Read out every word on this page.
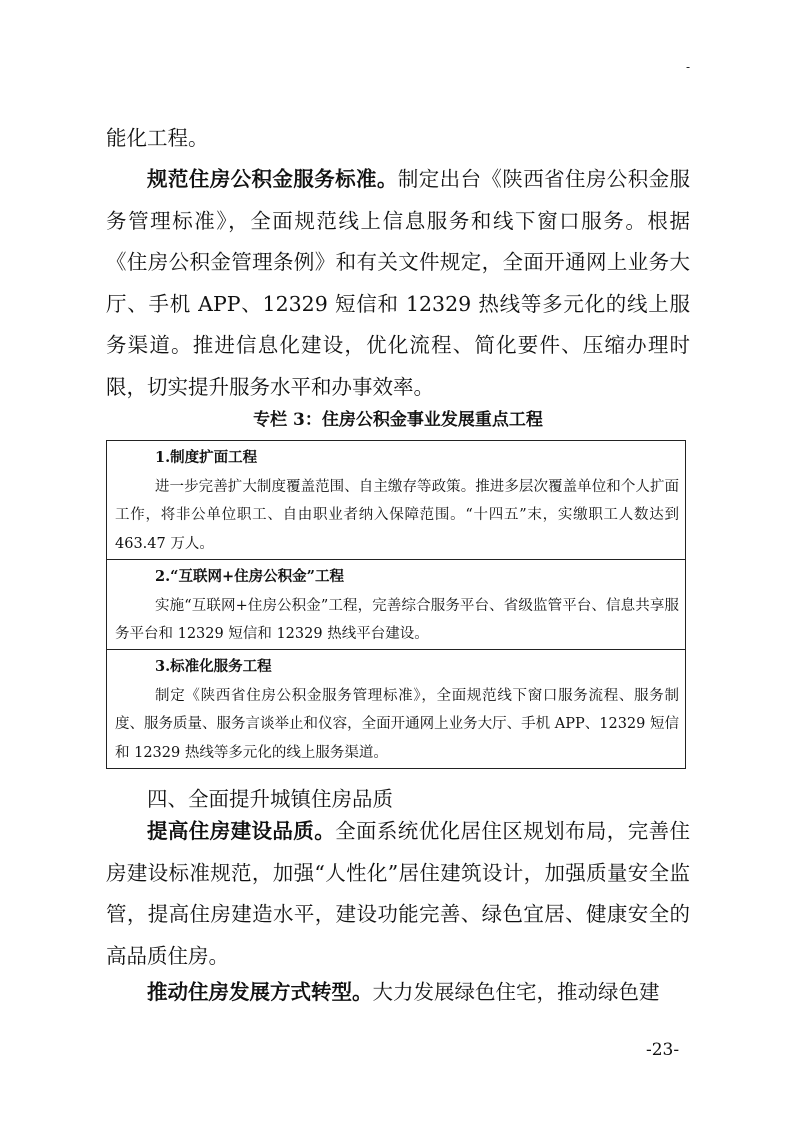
-
能化工程。
规范住房公积金服务标准。制定出台《陕西省住房公积金服务管理标准》，全面规范线上信息服务和线下窗口服务。根据《住房公积金管理条例》和有关文件规定，全面开通网上业务大厅、手机 APP、12329 短信和 12329 热线等多元化的线上服务渠道。推进信息化建设，优化流程、简化要件、压缩办理时限，切实提升服务水平和办事效率。
专栏 3：住房公积金事业发展重点工程
1.制度扩面工程
进一步完善扩大制度覆盖范围、自主缴存等政策。推进多层次覆盖单位和个人扩面工作，将非公单位职工、自由职业者纳入保障范围。“十四五”末，实缴职工人数达到 463.47 万人。
2.“互联网+住房公积金”工程
实施“互联网+住房公积金”工程，完善综合服务平台、省级监管平台、信息共享服务平台和 12329 短信和 12329 热线平台建设。
3.标准化服务工程
制定《陕西省住房公积金服务管理标准》，全面规范线下窗口服务流程、服务制度、服务质量、服务言谈举止和仪容，全面开通网上业务大厅、手机 APP、12329 短信和 12329 热线等多元化的线上服务渠道。
四、全面提升城镇住房品质
提高住房建设品质。全面系统优化居住区规划布局，完善住房建设标准规范，加强“人性化”居住建筑设计，加强质量安全监管，提高住房建造水平，建设功能完善、绿色宜居、健康安全的高品质住房。
推动住房发展方式转型。大力发展绿色住宅，推动绿色建
-23-
